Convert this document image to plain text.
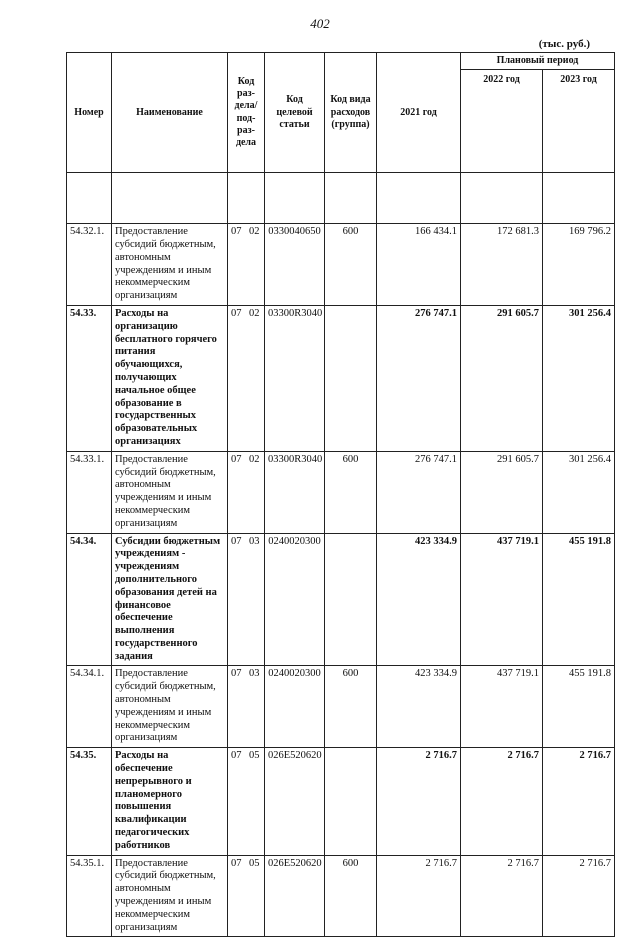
402
(тыс. руб.)
Номер	Наименование	Код раз-дела/ под-раз-дела	Код целевой статьи	Код вида расходов (группа)	2021 год	Плановый период	
						2022 год	2023 год

54.32.1.	Предоставление субсидий бюджетным, автономным учреждениям и иным некоммерческим организациям	07 02	0330040650	600	166 434.1	172 681.3	169 796.2
54.33.	Расходы на организацию бесплатного горячего питания обучающихся, получающих начальное общее образование в государственных образовательных организациях	07 02	03300R3040		276 747.1	291 605.7	301 256.4
54.33.1.	Предоставление субсидий бюджетным, автономным учреждениям и иным некоммерческим организациям	07 02	03300R3040	600	276 747.1	291 605.7	301 256.4
54.34.	Субсидии бюджетным учреждениям - учреждениям дополнительного образования детей на финансовое обеспечение выполнения государственного задания	07 03	0240020300		423 334.9	437 719.1	455 191.8
54.34.1.	Предоставление субсидий бюджетным, автономным учреждениям и иным некоммерческим организациям	07 03	0240020300	600	423 334.9	437 719.1	455 191.8
54.35.	Расходы на обеспечение непрерывного и планомерного повышения квалификации педагогических работников	07 05	026E520620		2 716.7	2 716.7	2 716.7
54.35.1.	Предоставление субсидий бюджетным, автономным учреждениям и иным некоммерческим организациям	07 05	026E520620	600	2 716.7	2 716.7	2 716.7
